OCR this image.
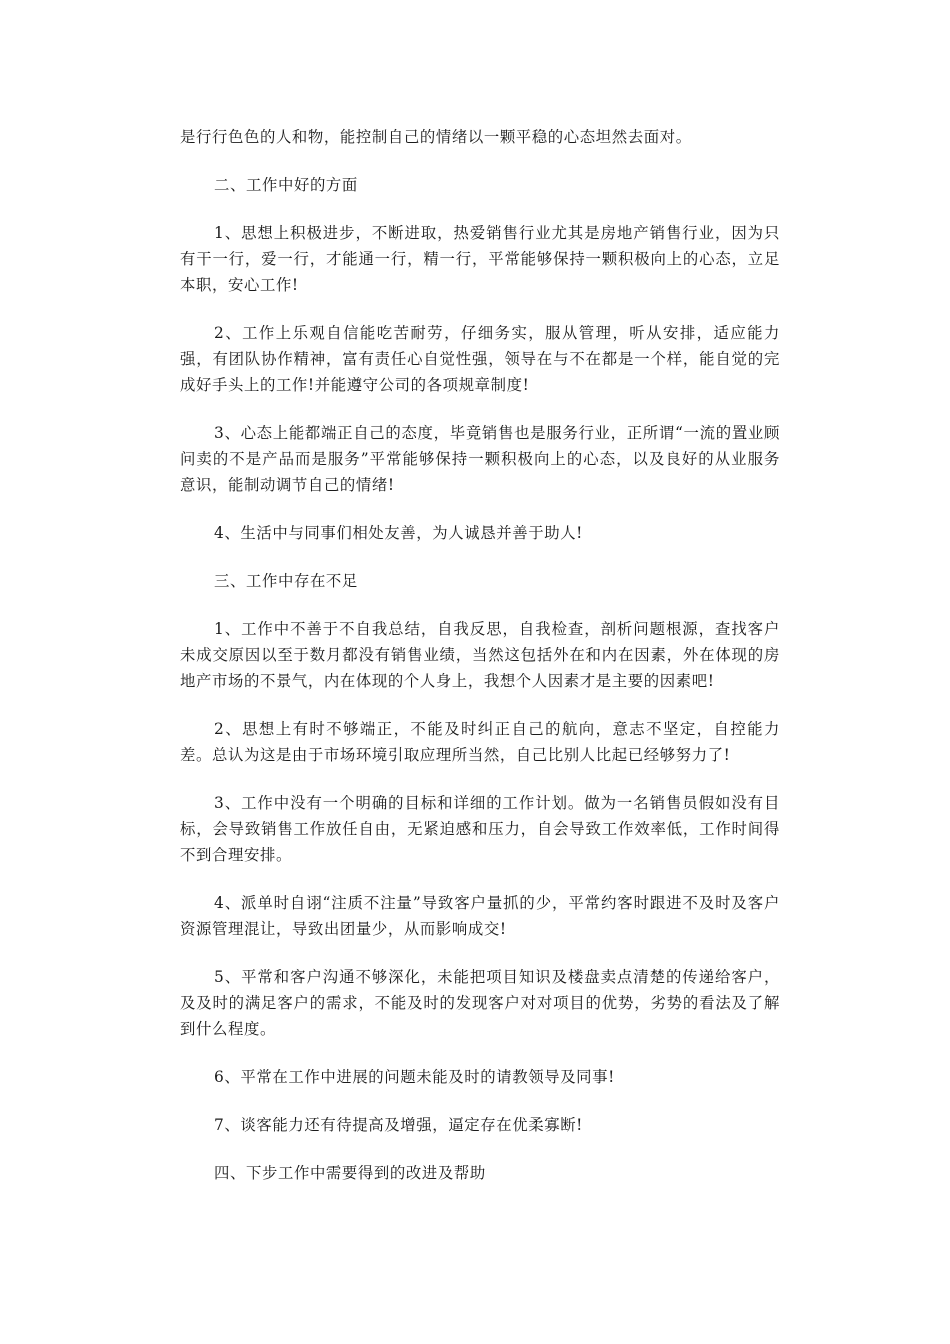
是行行色色的人和物，能控制自己的情绪以一颗平稳的心态坦然去面对。

二、工作中好的方面

1、思想上积极进步，不断进取，热爱销售行业尤其是房地产销售行业，因为只有干一行，爱一行，才能通一行，精一行，平常能够保持一颗积极向上的心态，立足本职，安心工作!

2、工作上乐观自信能吃苦耐劳，仔细务实，服从管理，听从安排，适应能力强，有团队协作精神，富有责任心自觉性强，领导在与不在都是一个样，能自觉的完成好手头上的工作!并能遵守公司的各项规章制度!

3、心态上能都端正自己的态度，毕竟销售也是服务行业，正所谓“一流的置业顾问卖的不是产品而是服务”平常能够保持一颗积极向上的心态，以及良好的从业服务意识，能制动调节自己的情绪!

4、生活中与同事们相处友善，为人诚恳并善于助人!

三、工作中存在不足

1、工作中不善于不自我总结，自我反思，自我检查，剖析问题根源，查找客户未成交原因以至于数月都没有销售业绩，当然这包括外在和内在因素，外在体现的房地产市场的不景气，内在体现的个人身上，我想个人因素才是主要的因素吧!

2、思想上有时不够端正，不能及时纠正自己的航向，意志不坚定，自控能力差。总认为这是由于市场环境引取应理所当然，自己比别人比起已经够努力了!

3、工作中没有一个明确的目标和详细的工作计划。做为一名销售员假如没有目标，会导致销售工作放任自由，无紧迫感和压力，自会导致工作效率低，工作时间得不到合理安排。

4、派单时自诩“注质不注量”导致客户量抓的少，平常约客时跟进不及时及客户资源管理混让，导致出团量少，从而影响成交!

5、平常和客户沟通不够深化，未能把项目知识及楼盘卖点清楚的传递给客户，及及时的满足客户的需求，不能及时的发现客户对对项目的优势，劣势的看法及了解到什么程度。

6、平常在工作中进展的问题未能及时的请教领导及同事!

7、谈客能力还有待提高及增强，逼定存在优柔寡断!

四、下步工作中需要得到的改进及帮助
